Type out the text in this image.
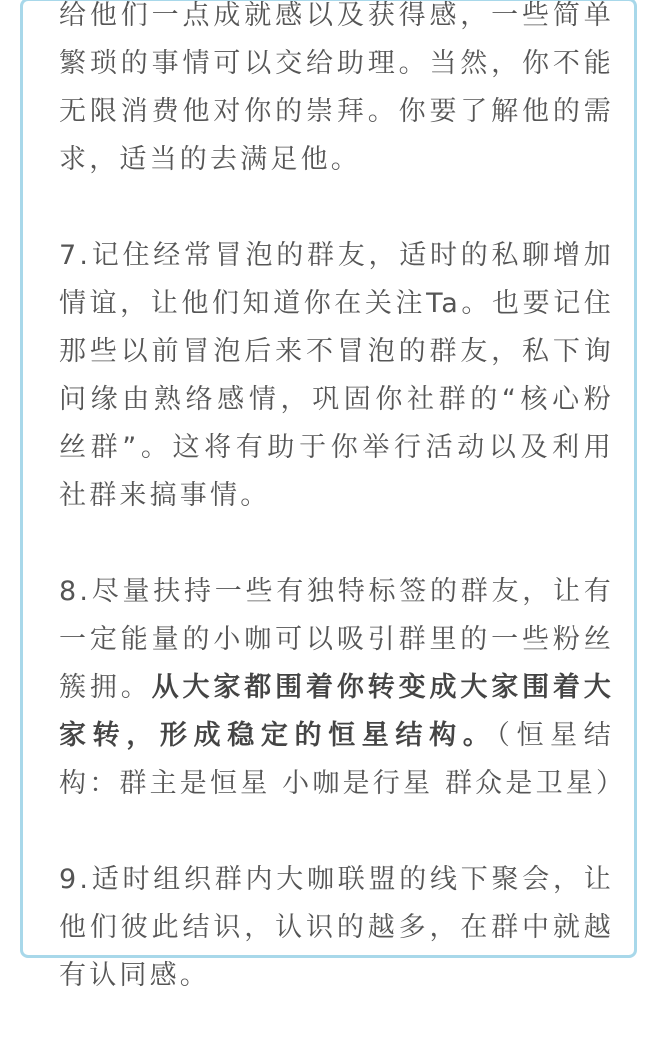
给他们一点成就感以及获得感，一些简单繁琐的事情可以交给助理。当然，你不能无限消费他对你的崇拜。你要了解他的需求，适当的去满足他。

7.记住经常冒泡的群友，适时的私聊增加情谊，让他们知道你在关注Ta。也要记住那些以前冒泡后来不冒泡的群友，私下询问缘由熟络感情，巩固你社群的“核心粉丝群”。这将有助于你举行活动以及利用社群来搞事情。

8.尽量扶持一些有独特标签的群友，让有一定能量的小咖可以吸引群里的一些粉丝簇拥。从大家都围着你转变成大家围着大家转，形成稳定的恒星结构。（恒星结构：群主是恒星 小咖是行星 群众是卫星）

9.适时组织群内大咖联盟的线下聚会，让他们彼此结识，认识的越多，在群中就越有认同感。
